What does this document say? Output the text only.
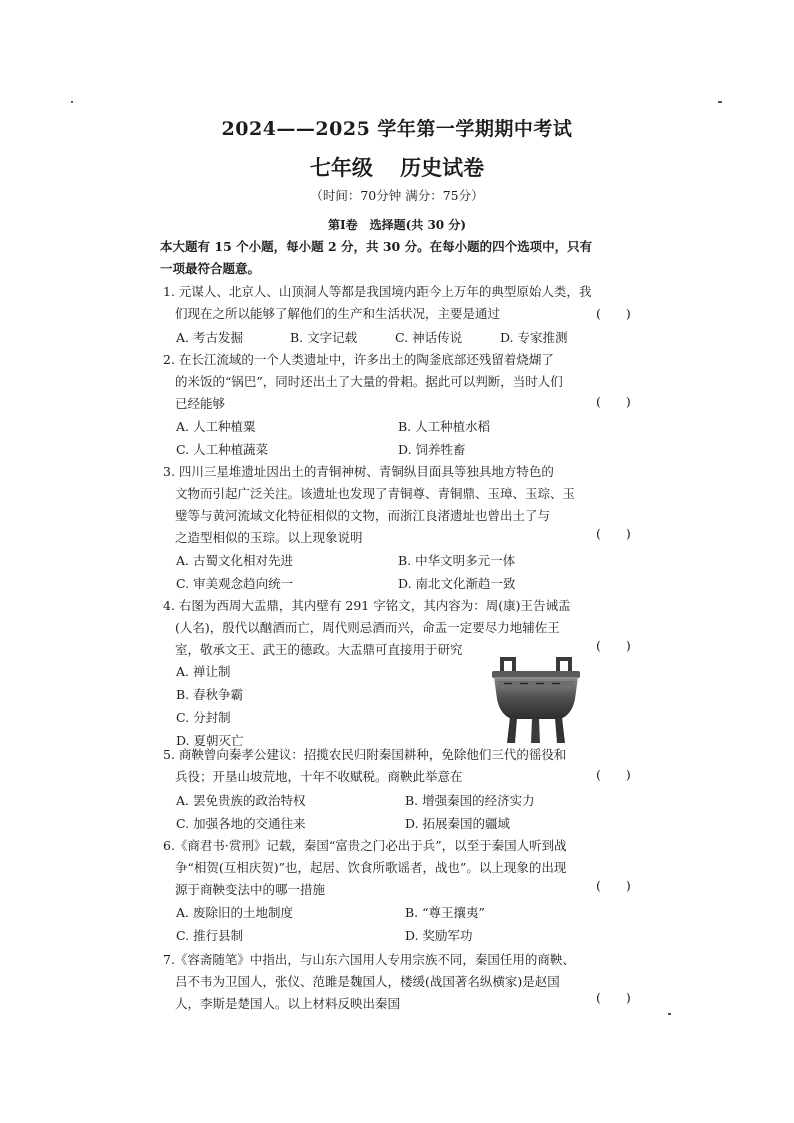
2024——2025 学年第一学期期中考试
七年级 历史试卷
（时间：70分钟 满分：75分）
第Ⅰ卷　选择题(共 30 分)
本大题有 15 个小题，每小题 2 分，共 30 分。在每小题的四个选项中，只有
一项最符合题意。
1. 元谋人、北京人、山顶洞人等都是我国境内距今上万年的典型原始人类，我
们现在之所以能够了解他们的生产和生活状况，主要是通过	(　　)
A. 考古发掘	B. 文字记载	C. 神话传说	D. 专家推测
2. 在长江流域的一个人类遗址中，许多出土的陶釜底部还残留着烧煳了
的米饭的“锅巴”，同时还出土了大量的骨耜。据此可以判断，当时人们
已经能够	(　　)
A. 人工种植粟	B. 人工种植水稻
C. 人工种植蔬菜	D. 饲养牲畜
3. 四川三星堆遗址因出土的青铜神树、青铜纵目面具等独具地方特色的
文物而引起广泛关注。该遗址也发现了青铜尊、青铜鼎、玉璋、玉琮、玉
璧等与黄河流域文化特征相似的文物，而浙江良渚遗址也曾出土了与
之造型相似的玉琮。以上现象说明	(　　)
A. 古蜀文化相对先进	B. 中华文明多元一体
C. 审美观念趋向统一	D. 南北文化渐趋一致
4. 右图为西周大盂鼎，其内壁有 291 字铭文，其内容为：周(康)王告诫盂
(人名)，殷代以酗酒而亡，周代则忌酒而兴，命盂一定要尽力地辅佐王
室，敬承文王、武王的德政。大盂鼎可直接用于研究	(　　)
A. 禅让制
B. 春秋争霸
C. 分封制
D. 夏朝灭亡
5. 商鞅曾向秦孝公建议：招揽农民归附秦国耕种，免除他们三代的徭役和
兵役；开垦山坡荒地，十年不收赋税。商鞅此举意在	(　　)
A. 罢免贵族的政治特权	B. 增强秦国的经济实力
C. 加强各地的交通往来	D. 拓展秦国的疆域
6.《商君书·赏刑》记载，秦国“富贵之门必出于兵”，以至于秦国人听到战
争“相贺(互相庆贺)”也，起居、饮食所歌谣者，战也”。以上现象的出现
源于商鞅变法中的哪一措施	(　　)
A. 废除旧的土地制度	B. “尊王攘夷”
C. 推行县制	D. 奖励军功
7.《容斋随笔》中指出，与山东六国用人专用宗族不同，秦国任用的商鞅、
吕不韦为卫国人，张仪、范雎是魏国人，楼缓(战国著名纵横家)是赵国
人，李斯是楚国人。以上材料反映出秦国	(　　)
